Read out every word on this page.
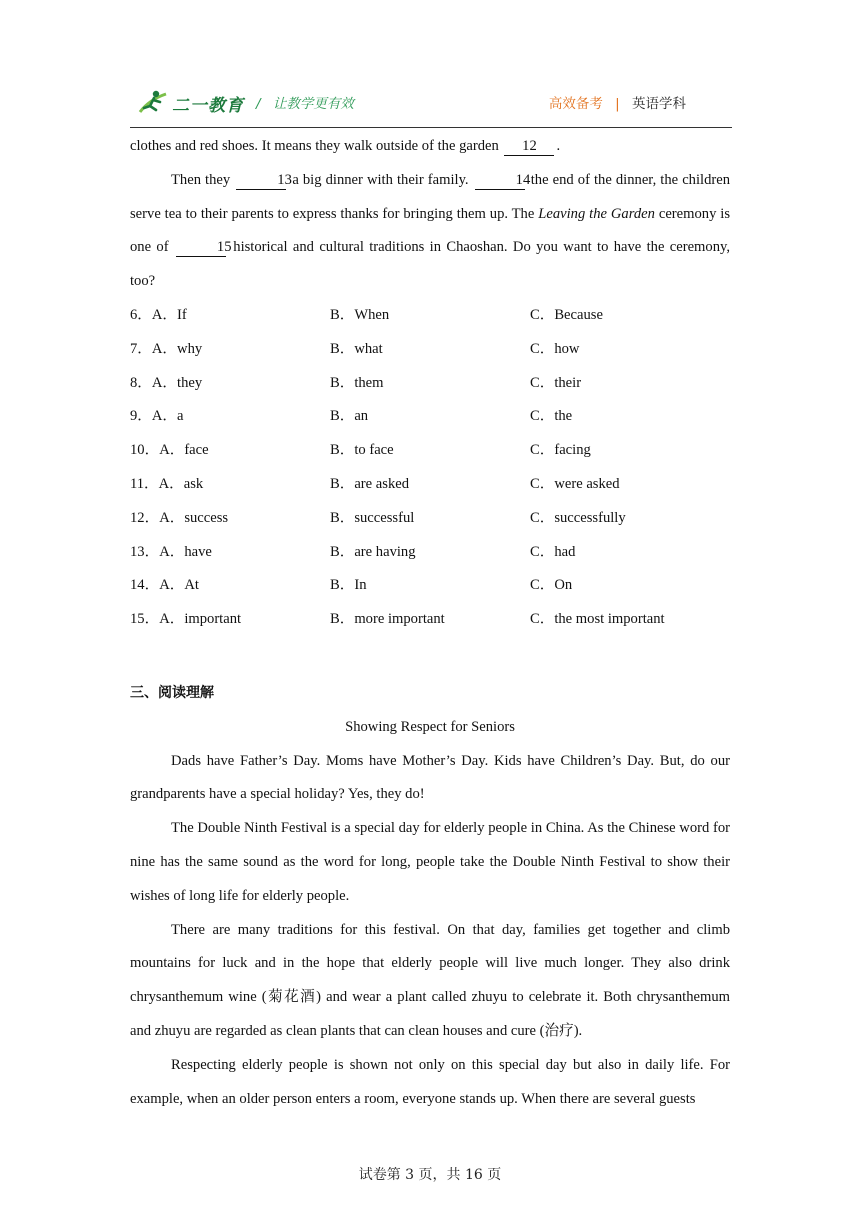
二一教育 / 让教学更有效	高效备考 | 英语学科

clothes and red shoes. It means they walk outside of the garden 12 .

Then they	13 a big dinner with their family.	14 the end of the dinner, the children serve tea to their parents to express thanks for bringing them up. The Leaving the Garden ceremony is one of	15 historical and cultural traditions in Chaoshan. Do you want to have the ceremony, too?

6．A．If	B．When	C．Because
7．A．why	B．what	C．how
8．A．they	B．them	C．their
9．A．a	B．an	C．the
10．A．face	B．to face	C．facing
11．A．ask	B．are asked	C．were asked
12．A．success	B．successful	C．successfully
13．A．have	B．are having	C．had
14．A．At	B．In	C．On
15．A．important	B．more important	C．the most important
三、阅读理解
Showing Respect for Seniors

Dads have Father’s Day. Moms have Mother’s Day. Kids have Children’s Day. But, do our grandparents have a special holiday? Yes, they do!

The Double Ninth Festival is a special day for elderly people in China. As the Chinese word for nine has the same sound as the word for long, people take the Double Ninth Festival to show their wishes of long life for elderly people.

There are many traditions for this festival. On that day, families get together and climb mountains for luck and in the hope that elderly people will live much longer. They also drink chrysanthemum wine (菊花酒) and wear a plant called zhuyu to celebrate it. Both chrysanthemum and zhuyu are regarded as clean plants that can clean houses and cure (治疗).

Respecting elderly people is shown not only on this special day but also in daily life. For example, when an older person enters a room, everyone stands up. When there are several guests

试卷第 3 页，共 16 页
